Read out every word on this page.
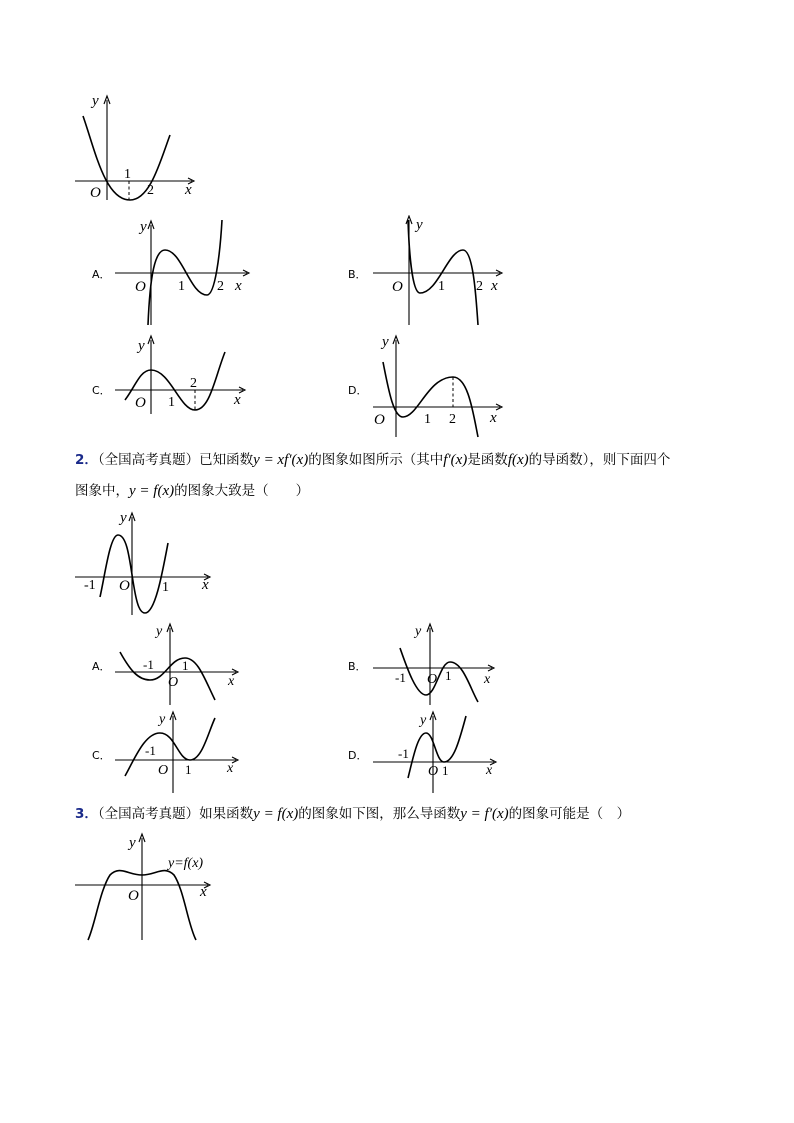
y
x
O
1
2
A．
y
x
O 1 2
B．
y
x
O	1 2
C．
y
x
O 1
2	D．
y
x
O	1 2
2．（全国高考真题）已知函数y = xf′(x)的图象如图所示（其中f′(x)是函数f(x)的导函数），则下面四个
图象中，y = f(x)的图象大致是（　　）
y
x
O
-1	1
A．
y
x
O
-1 1	B．
y
x
O
-1	1
C．
y
x
O
-1
1
D．
y
x
O
-1
1
3．（全国高考真题）如果函数y = f(x)的图象如下图，那么导函数y = f′(x)的图象可能是（　）
y
x
O
y=f(x)
